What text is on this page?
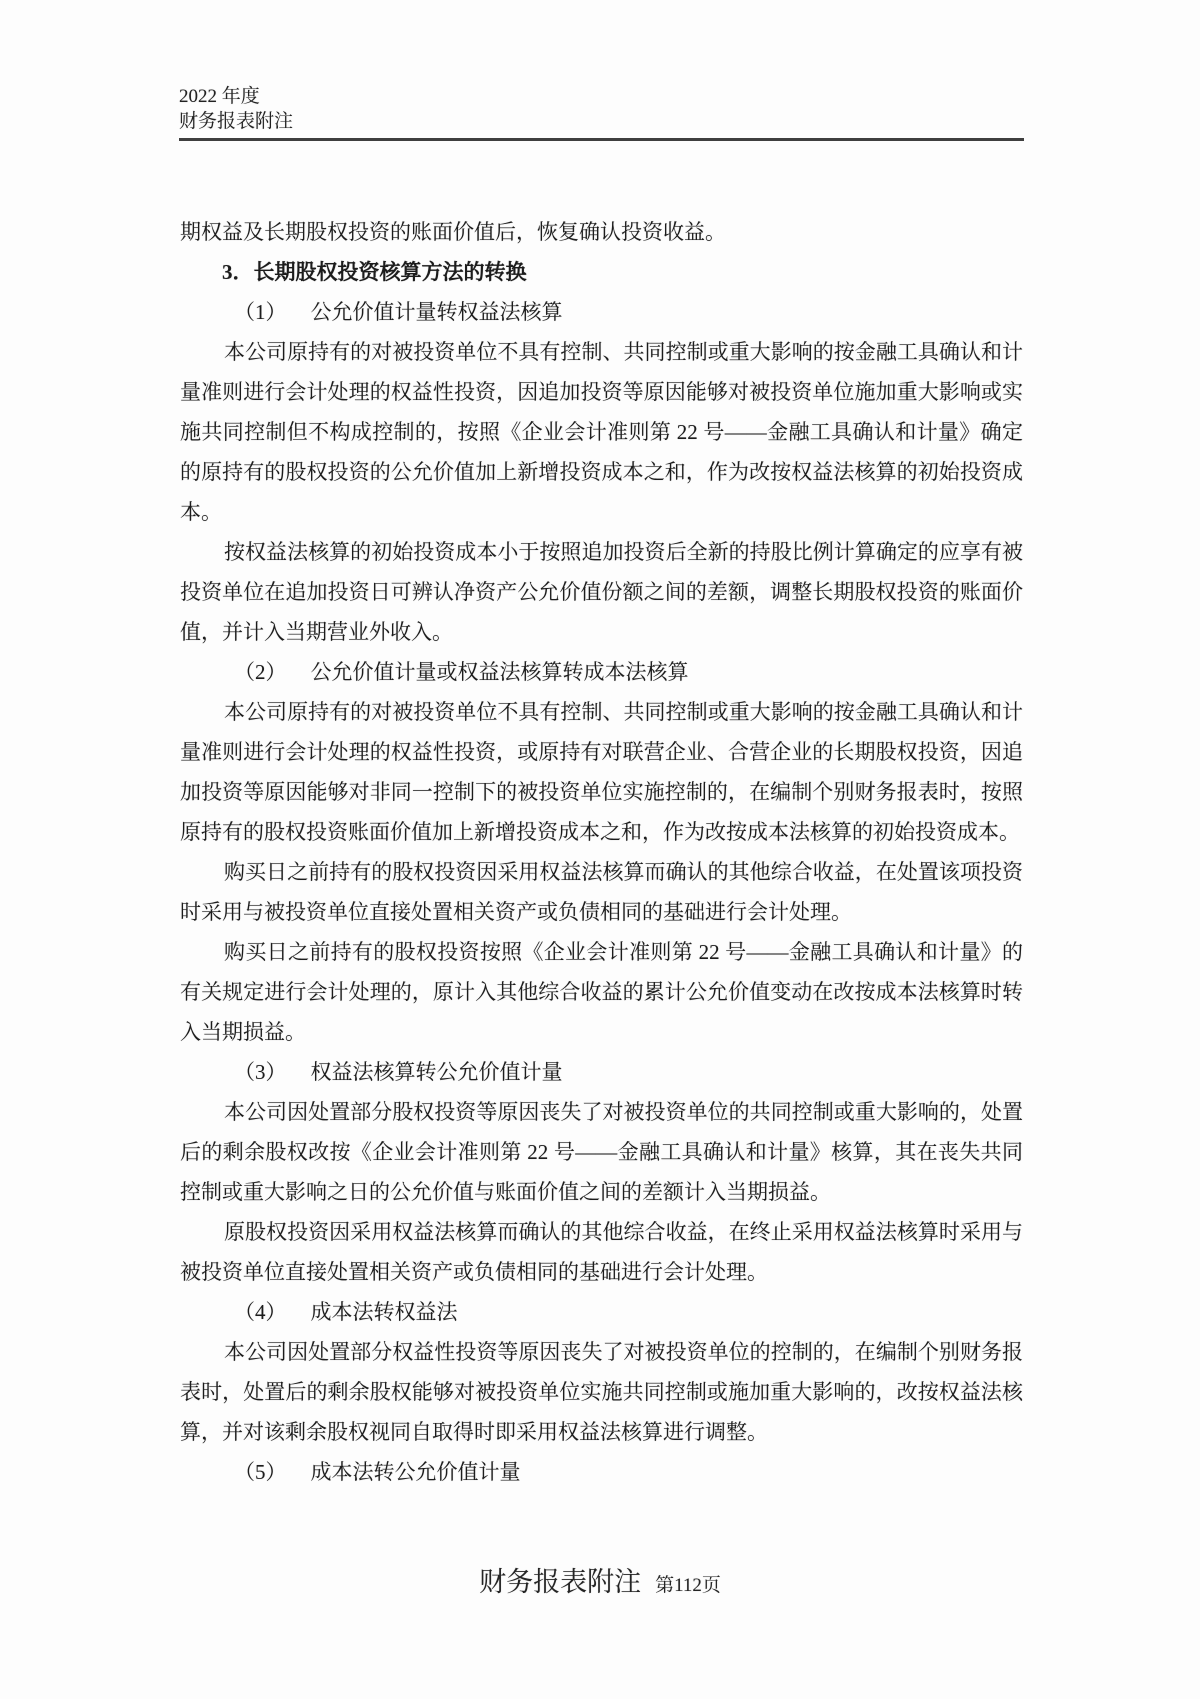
2022 年度
财务报表附注

期权益及长期股权投资的账面价值后，恢复确认投资收益。

3．长期股权投资核算方法的转换

（1） 公允价值计量转权益法核算

本公司原持有的对被投资单位不具有控制、共同控制或重大影响的按金融工具确认和计量准则进行会计处理的权益性投资，因追加投资等原因能够对被投资单位施加重大影响或实施共同控制但不构成控制的，按照《企业会计准则第 22 号——金融工具确认和计量》确定的原持有的股权投资的公允价值加上新增投资成本之和，作为改按权益法核算的初始投资成本。

按权益法核算的初始投资成本小于按照追加投资后全新的持股比例计算确定的应享有被投资单位在追加投资日可辨认净资产公允价值份额之间的差额，调整长期股权投资的账面价值，并计入当期营业外收入。

（2） 公允价值计量或权益法核算转成本法核算

本公司原持有的对被投资单位不具有控制、共同控制或重大影响的按金融工具确认和计量准则进行会计处理的权益性投资，或原持有对联营企业、合营企业的长期股权投资，因追加投资等原因能够对非同一控制下的被投资单位实施控制的，在编制个别财务报表时，按照原持有的股权投资账面价值加上新增投资成本之和，作为改按成本法核算的初始投资成本。

购买日之前持有的股权投资因采用权益法核算而确认的其他综合收益，在处置该项投资时采用与被投资单位直接处置相关资产或负债相同的基础进行会计处理。

购买日之前持有的股权投资按照《企业会计准则第 22 号——金融工具确认和计量》的有关规定进行会计处理的，原计入其他综合收益的累计公允价值变动在改按成本法核算时转入当期损益。

（3） 权益法核算转公允价值计量

本公司因处置部分股权投资等原因丧失了对被投资单位的共同控制或重大影响的，处置后的剩余股权改按《企业会计准则第 22 号——金融工具确认和计量》核算，其在丧失共同控制或重大影响之日的公允价值与账面价值之间的差额计入当期损益。

原股权投资因采用权益法核算而确认的其他综合收益，在终止采用权益法核算时采用与被投资单位直接处置相关资产或负债相同的基础进行会计处理。

（4） 成本法转权益法

本公司因处置部分权益性投资等原因丧失了对被投资单位的控制的，在编制个别财务报表时，处置后的剩余股权能够对被投资单位实施共同控制或施加重大影响的，改按权益法核算，并对该剩余股权视同自取得时即采用权益法核算进行调整。

（5） 成本法转公允价值计量

财务报表附注 第112页
